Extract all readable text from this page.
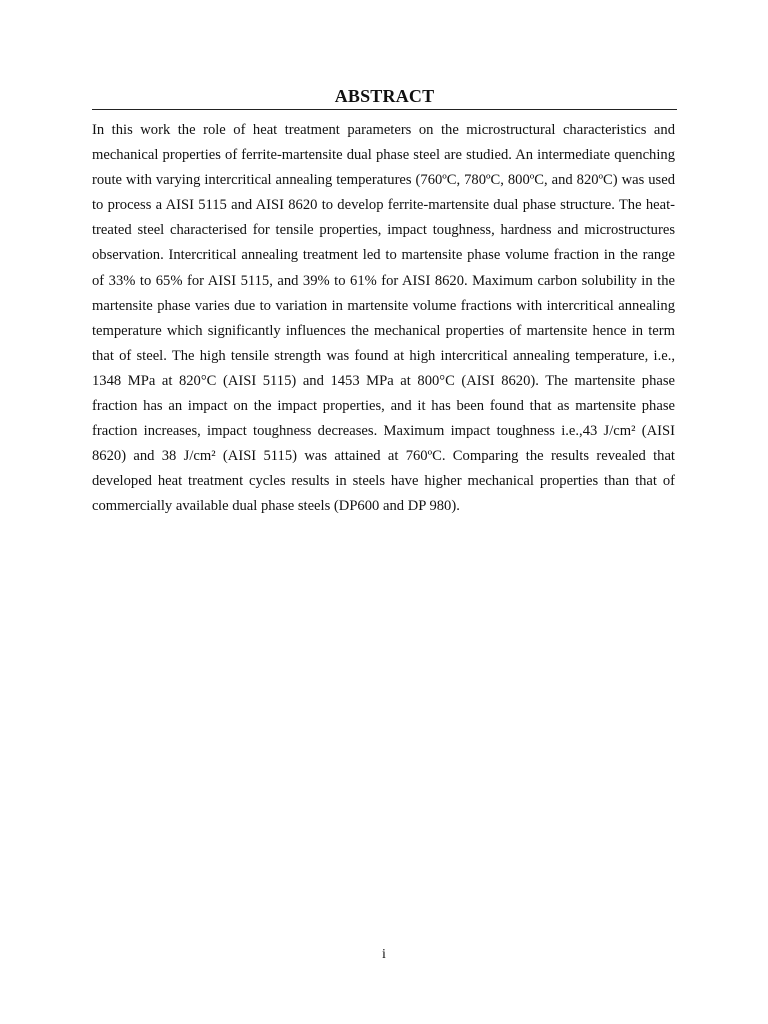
ABSTRACT

In this work the role of heat treatment parameters on the microstructural characteristics and mechanical properties of ferrite-martensite dual phase steel are studied. An intermediate quenching route with varying intercritical annealing temperatures (760ºC, 780ºC, 800ºC, and 820ºC) was used to process a AISI 5115 and AISI 8620 to develop ferrite-martensite dual phase structure. The heat-treated steel characterised for tensile properties, impact toughness, hardness and microstructures observation. Intercritical annealing treatment led to martensite phase volume fraction in the range of 33% to 65% for AISI 5115, and 39% to 61% for AISI 8620. Maximum carbon solubility in the martensite phase varies due to variation in martensite volume fractions with intercritical annealing temperature which significantly influences the mechanical properties of martensite hence in term that of steel. The high tensile strength was found at high intercritical annealing temperature, i.e., 1348 MPa at 820°C (AISI 5115) and 1453 MPa at 800°C (AISI 8620). The martensite phase fraction has an impact on the impact properties, and it has been found that as martensite phase fraction increases, impact toughness decreases. Maximum impact toughness i.e.,43 J/cm² (AISI 8620) and 38 J/cm² (AISI 5115) was attained at 760ºC. Comparing the results revealed that developed heat treatment cycles results in steels have higher mechanical properties than that of commercially available dual phase steels (DP600 and DP 980).

i
